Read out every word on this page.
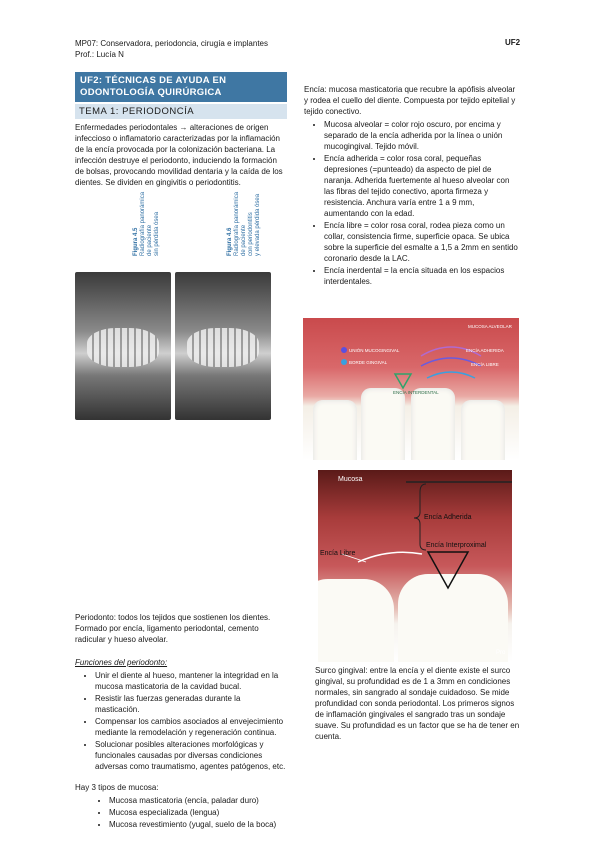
MP07: Conservadora, periodoncia, cirugía e implantes
Prof.: Lucía N
UF2
UF2: TÉCNICAS DE AYUDA EN ODONTOLOGÍA QUIRÚRGICA
TEMA 1: PERIODONCÍA

Enfermedades periodontales → alteraciones de origen infeccioso o inflamatorio caracterizadas por la inflamación de la encía provocada por la colonización bacteriana. La infección destruye el periodonto, induciendo la formación de bolsas, provocando movilidad dentaria y la caída de los dientes. Se dividen en gingivitis o periodontitis.

Figura 4.5
Radiografía panorámica
de paciente
sin pérdida ósea	Figura 4.6
Radiografía panorámica
de paciente
con periodontitis
y elevada pérdida ósea

Periodonto: todos los tejidos que sostienen los dientes. Formado por encía, ligamento periodontal, cemento radicular y hueso alveolar.

Funciones del periodonto:

• Unir el diente al hueso, mantener la integridad en la mucosa masticatoria de la cavidad bucal.
• Resistir las fuerzas generadas durante la masticación.
• Compensar los cambios asociados al envejecimiento mediante la remodelación y regeneración continua.
• Solucionar posibles alteraciones morfológicas y funcionales causadas por diversas condiciones adversas como traumatismo, agentes patógenos, etc.

Hay 3 tipos de mucosa:

• Mucosa masticatoria (encía, paladar duro)
• Mucosa especializada (lengua)
• Mucosa revestimiento (yugal, suelo de la boca)

Encía: mucosa masticatoria que recubre la apófisis alveolar y rodea el cuello del diente. Compuesta por tejido epitelial y tejido conectivo.

• Mucosa alveolar = color rojo oscuro, por encima y separado de la encía adherida por la línea o unión mucogingival. Tejido móvil.
• Encía adherida = color rosa coral, pequeñas depresiones (=punteado) da aspecto de piel de naranja. Adherida fuertemente al hueso alveolar con las fibras del tejido conectivo, aporta firmeza y resistencia. Anchura varía entre 1 a 9 mm, aumentando con la edad.
• Encía libre = color rosa coral, rodea pieza como un collar, consistencia firme, superficie opaca. Se ubica sobre la superficie del esmalte a 1,5 a 2mm en sentido coronario desde la LAC.
• Encía inerdental = la encía situada en los espacios interdentales.
MUCOSA ALVEOLAR
UNIÓN MUCOGINGIVAL	ENCÍA ADHERIDA
BORDE GINGIVAL	ENCÍA LIBRE
ENCÍA INTERDENTAL
Mucosa
Encía Adherida
Encía Libre
Encía Interproximal
Pro

Surco gingival: entre la encía y el diente existe el surco gingival, su profundidad es de 1 a 3mm en condiciones normales, sin sangrado al sondaje cuidadoso. Se mide profundidad con sonda periodontal. Los primeros signos de inflamación gingivales el sangrado tras un sondaje suave. Su profundidad es un factor que se ha de tener en cuenta.
